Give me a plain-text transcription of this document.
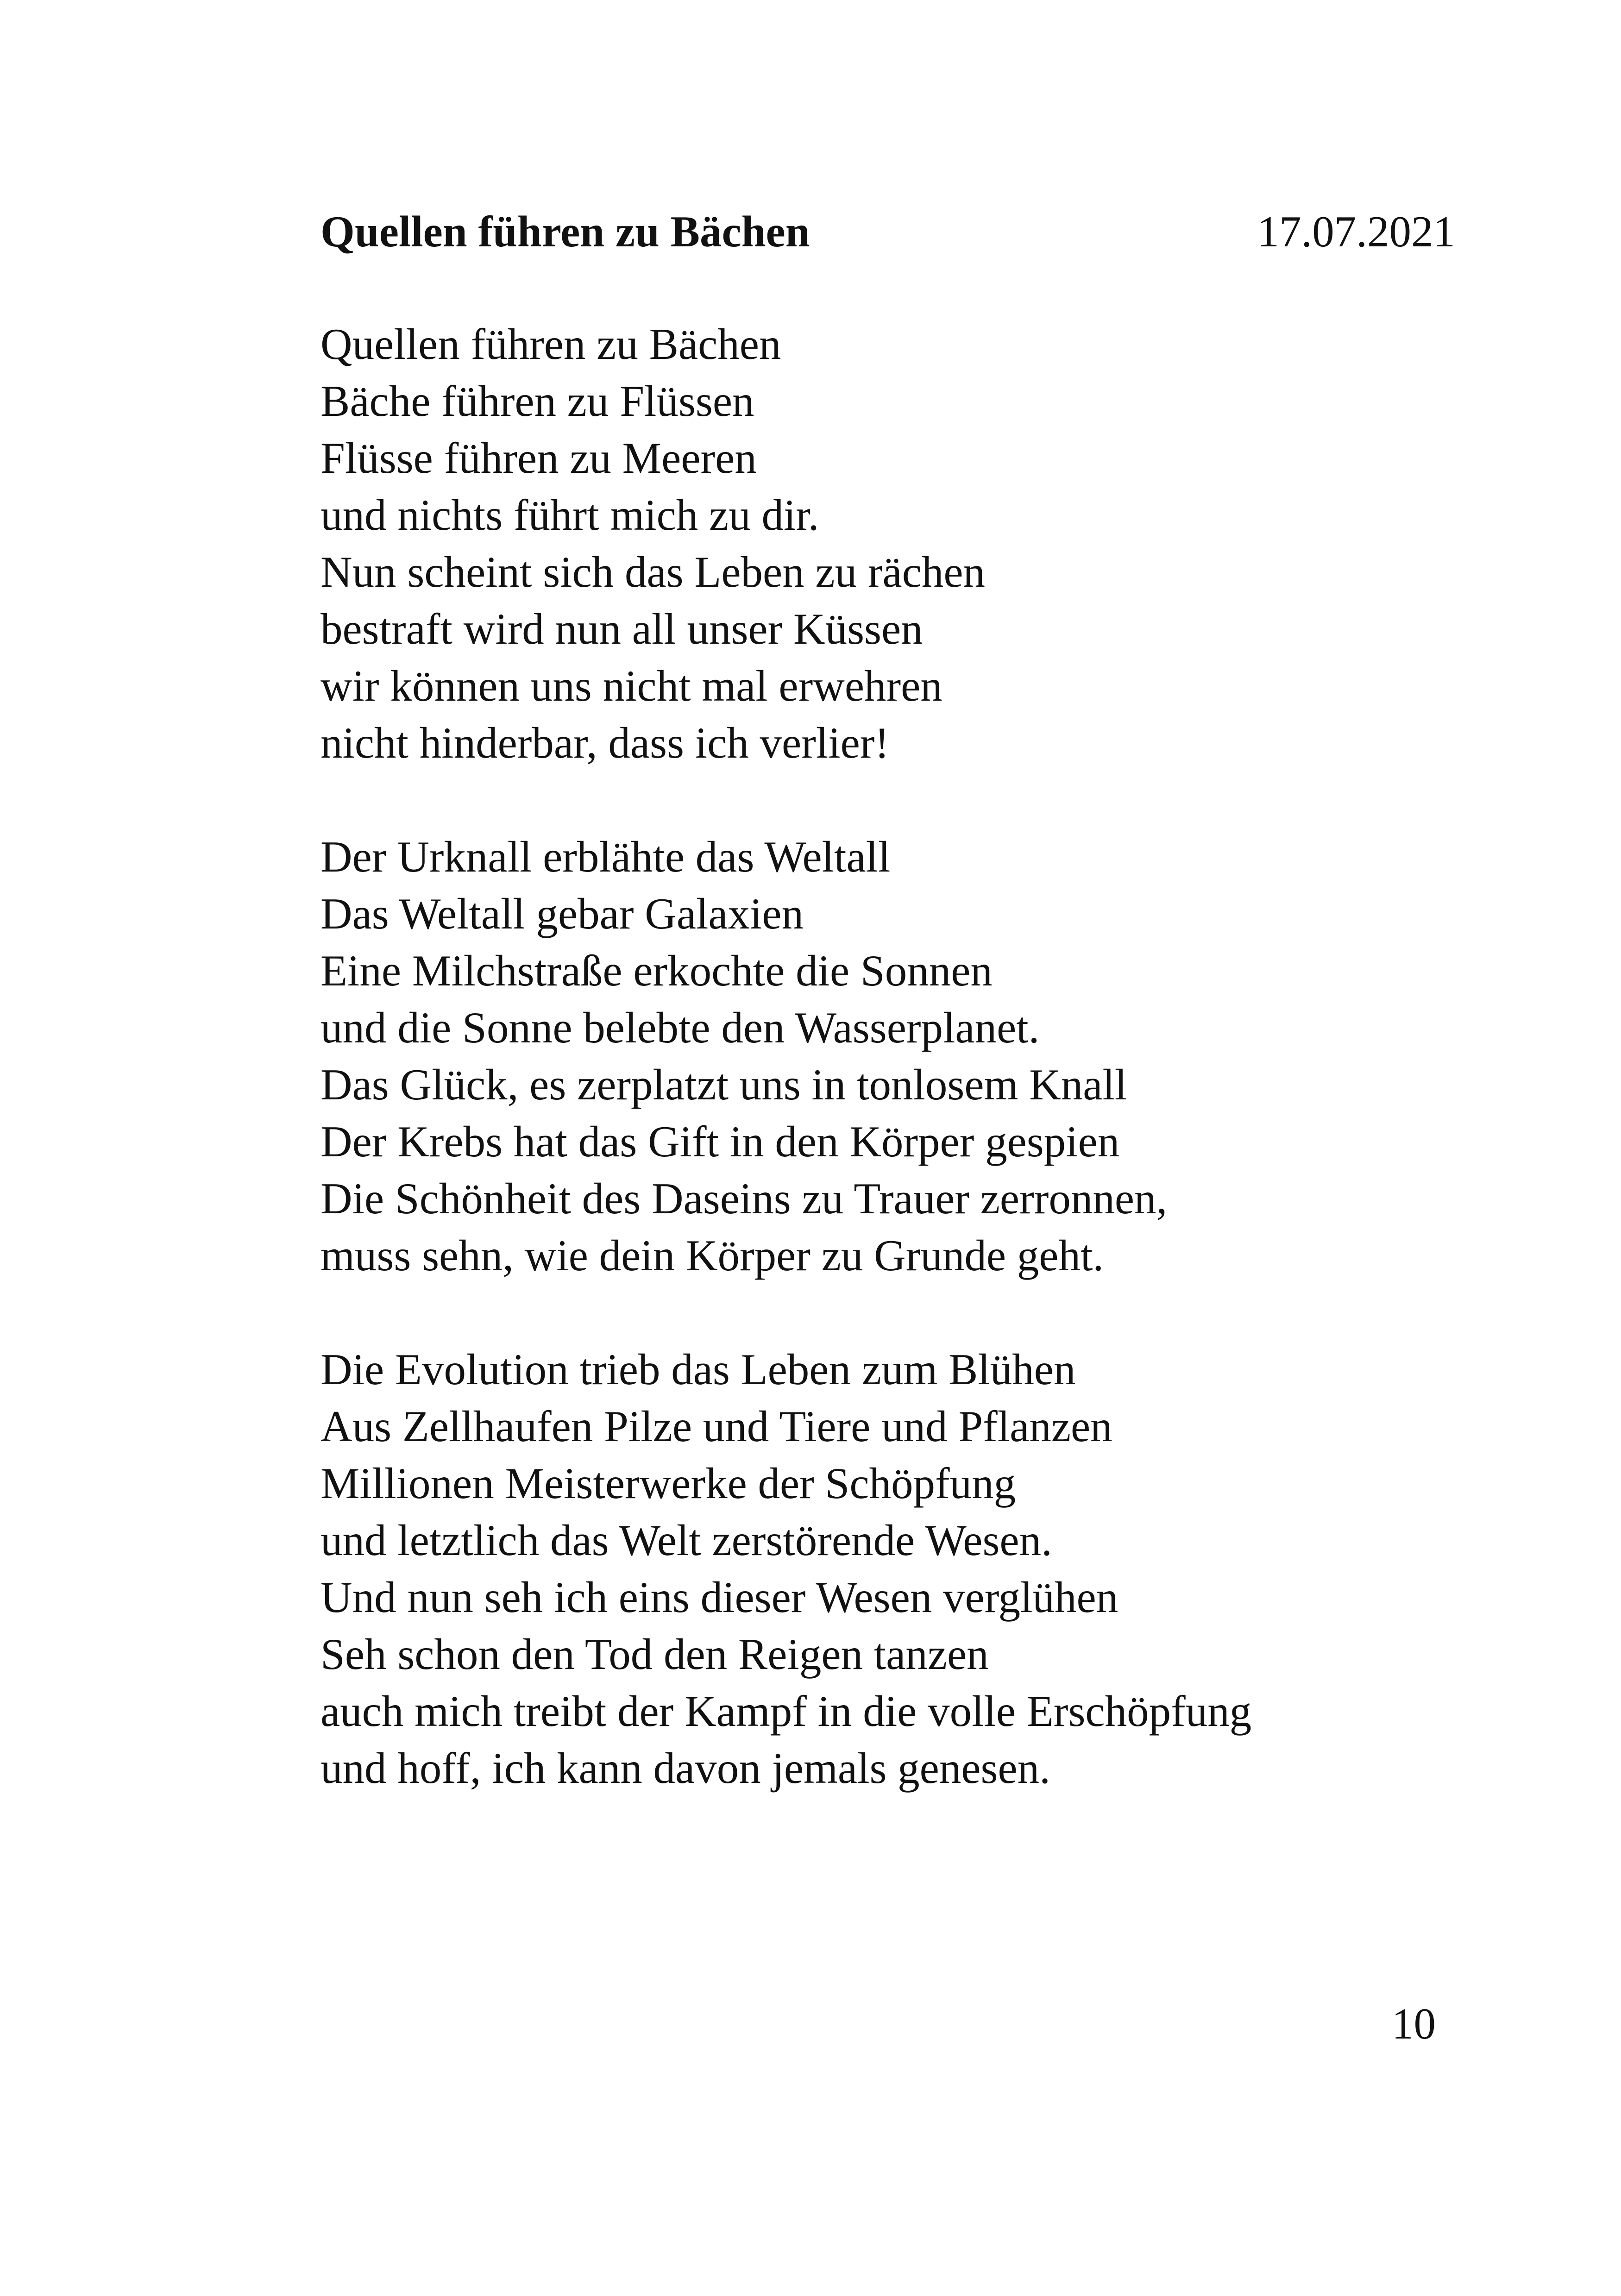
Quellen führen zu Bächen	17.07.2021
Quellen führen zu Bächen
Bäche führen zu Flüssen
Flüsse führen zu Meeren
und nichts führt mich zu dir.
Nun scheint sich das Leben zu rächen
bestraft wird nun all unser Küssen
wir können uns nicht mal erwehren
nicht hinderbar, dass ich verlier!
Der Urknall erblähte das Weltall
Das Weltall gebar Galaxien
Eine Milchstraße erkochte die Sonnen
und die Sonne belebte den Wasserplanet.
Das Glück, es zerplatzt uns in tonlosem Knall
Der Krebs hat das Gift in den Körper gespien
Die Schönheit des Daseins zu Trauer zerronnen,
muss sehn, wie dein Körper zu Grunde geht.
Die Evolution trieb das Leben zum Blühen
Aus Zellhaufen Pilze und Tiere und Pflanzen
Millionen Meisterwerke der Schöpfung
und letztlich das Welt zerstörende Wesen.
Und nun seh ich eins dieser Wesen verglühen
Seh schon den Tod den Reigen tanzen
auch mich treibt der Kampf in die volle Erschöpfung
und hoff, ich kann davon jemals genesen.
10
